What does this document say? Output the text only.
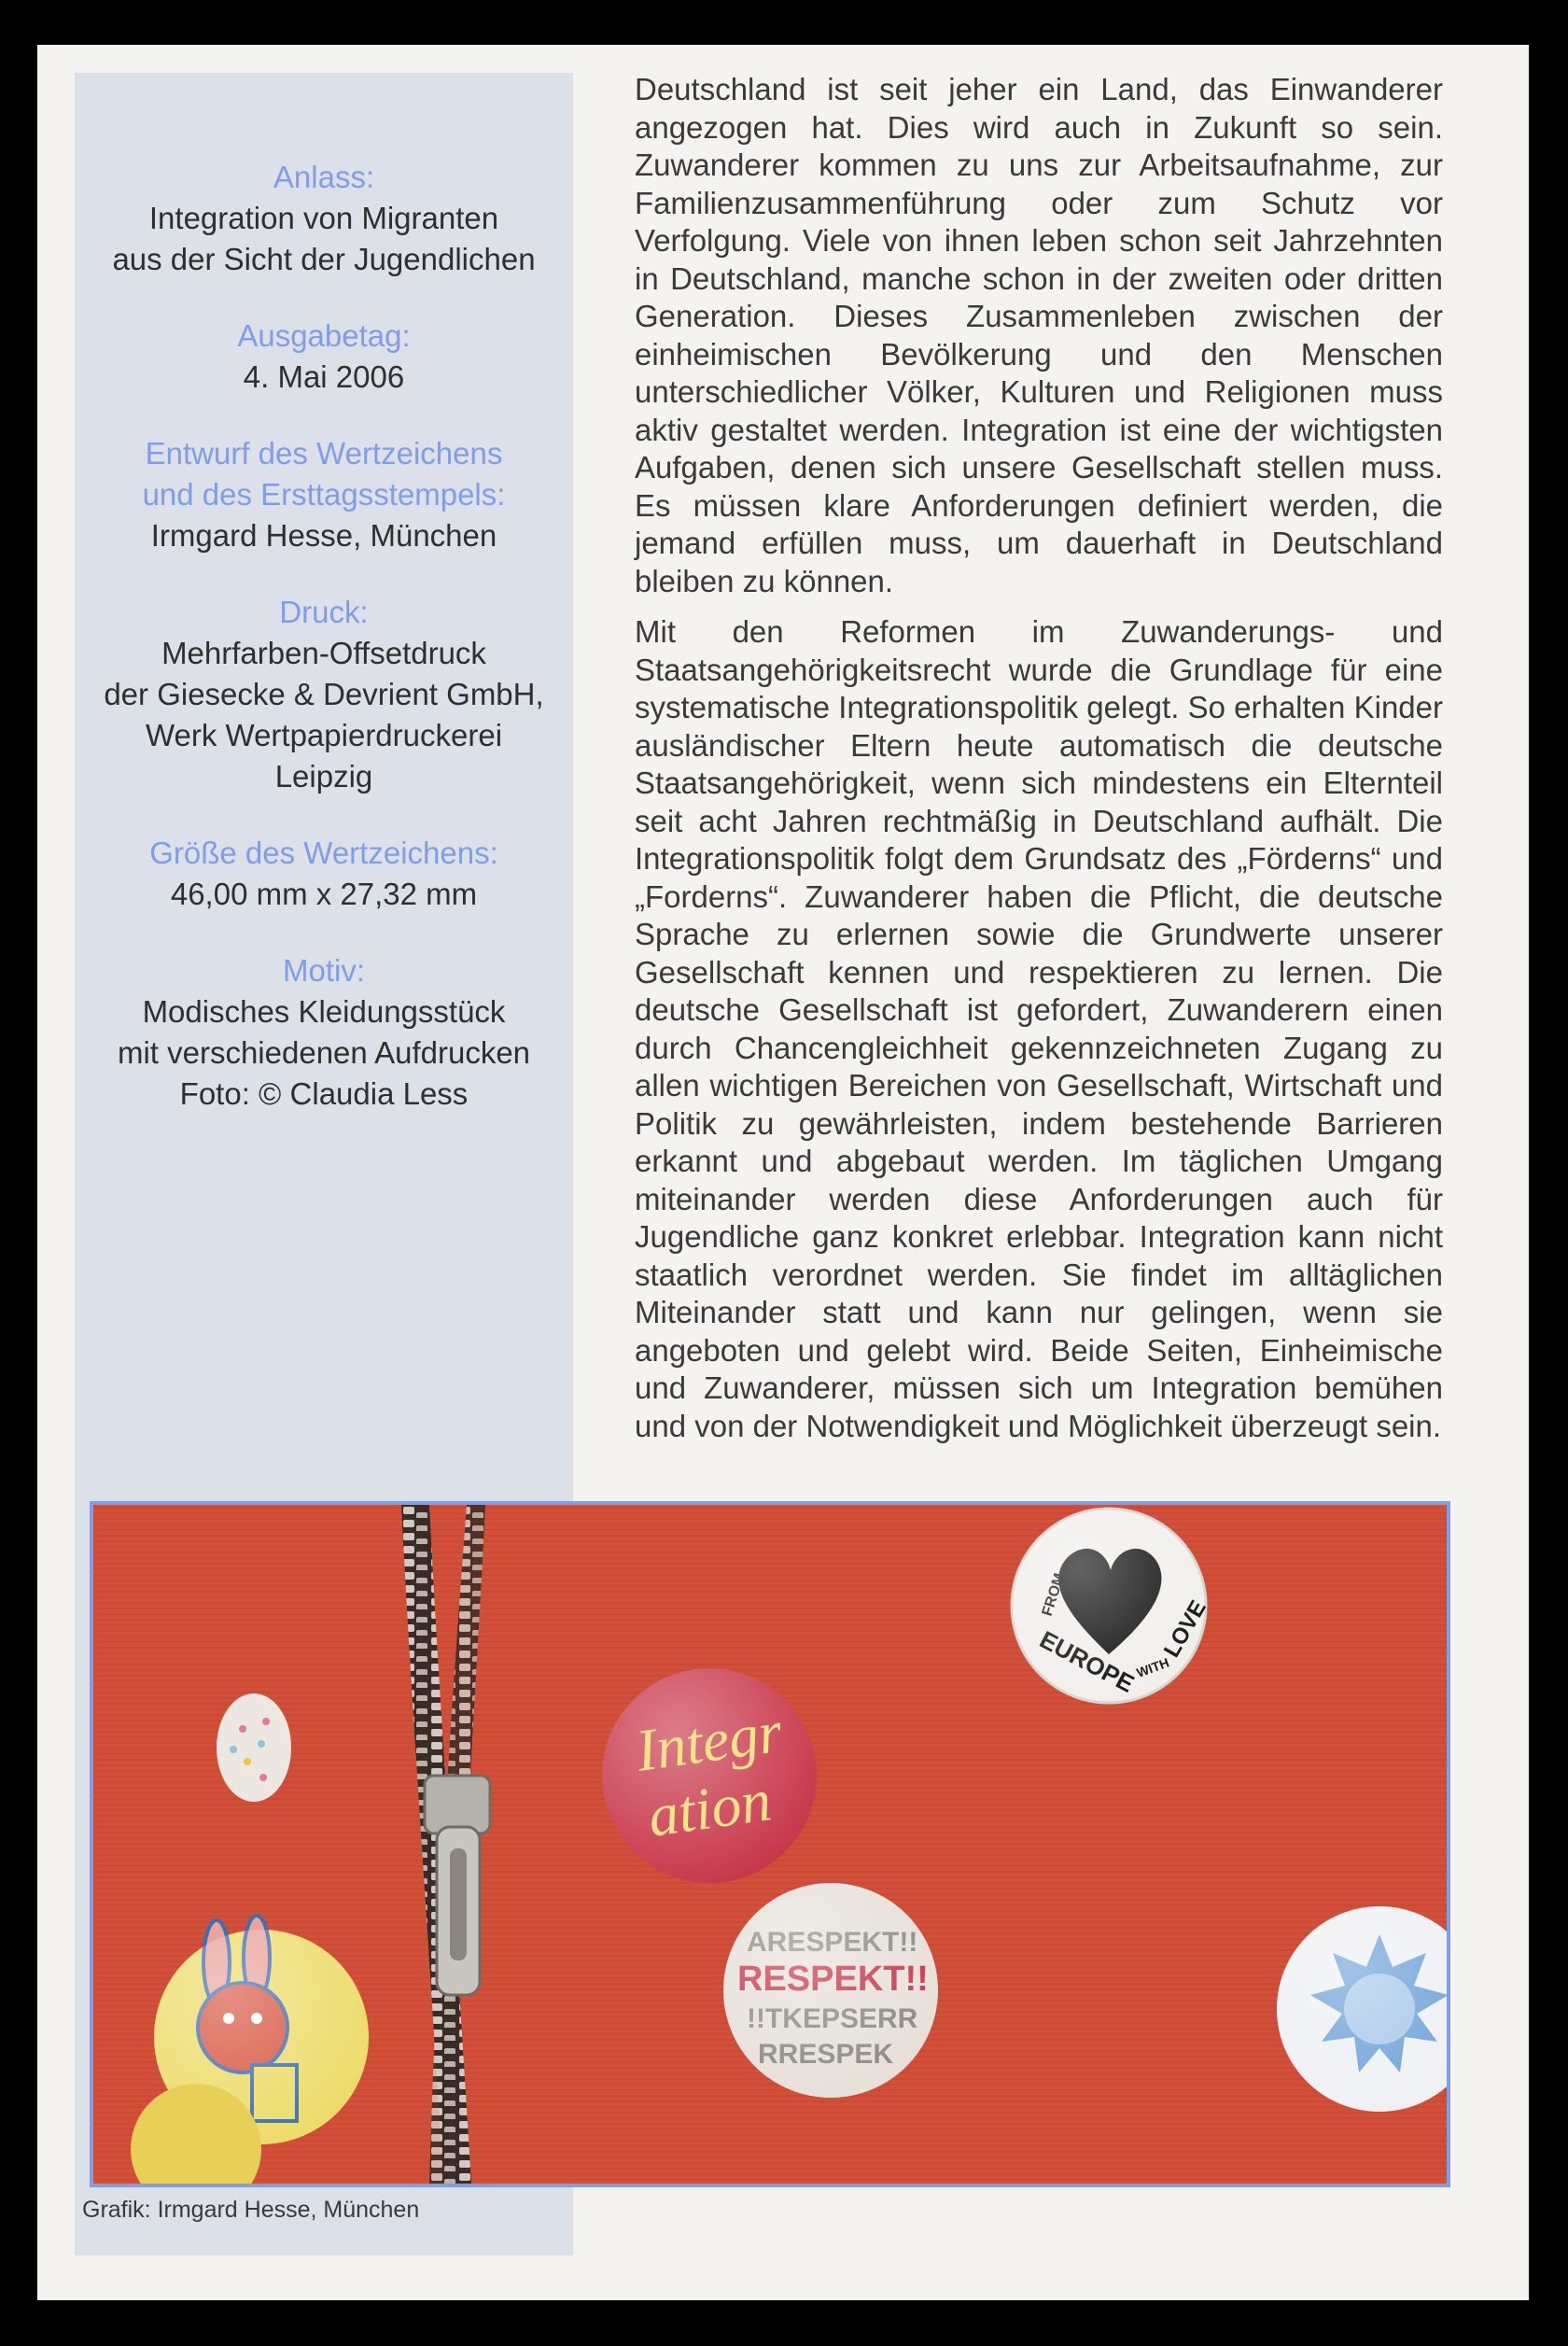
Anlass:
Integration von Migranten
aus der Sicht der Jugendlichen
Ausgabetag:
4. Mai 2006
Entwurf des Wertzeichens
und des Ersttagsstempels:
Irmgard Hesse, München
Druck:
Mehrfarben-Offsetdruck
der Giesecke & Devrient GmbH,
Werk Wertpapierdruckerei
Leipzig
Größe des Wertzeichens:
46,00 mm x 27,32 mm
Motiv:
Modisches Kleidungsstück
mit verschiedenen Aufdrucken
Foto: © Claudia Less

Deutschland ist seit jeher ein Land, das Einwanderer angezogen hat. Dies wird auch in Zukunft so sein. Zuwanderer kommen zu uns zur Arbeitsaufnahme, zur Familienzusammenführung oder zum Schutz vor Verfolgung. Viele von ihnen leben schon seit Jahrzehnten in Deutschland, manche schon in der zweiten oder dritten Generation. Dieses Zusammenleben zwischen der einheimischen Bevölkerung und den Menschen unterschiedlicher Völker, Kulturen und Religionen muss aktiv gestaltet werden. Integration ist eine der wichtigsten Aufgaben, denen sich unsere Gesellschaft stellen muss. Es müssen klare Anforderungen definiert werden, die jemand erfüllen muss, um dauerhaft in Deutschland bleiben zu können.

Mit den Reformen im Zuwanderungs- und Staatsangehörigkeitsrecht wurde die Grundlage für eine systematische Integrationspolitik gelegt. So erhalten Kinder ausländischer Eltern heute automatisch die deutsche Staatsangehörigkeit, wenn sich mindestens ein Elternteil seit acht Jahren rechtmäßig in Deutschland aufhält. Die Integrationspolitik folgt dem Grundsatz des „Förderns“ und „Forderns“. Zuwanderer haben die Pflicht, die deutsche Sprache zu erlernen sowie die Grundwerte unserer Gesellschaft kennen und respektieren zu lernen. Die deutsche Gesellschaft ist gefordert, Zuwanderern einen durch Chancengleichheit gekennzeichneten Zugang zu allen wichtigen Bereichen von Gesellschaft, Wirtschaft und Politik zu gewährleisten, indem bestehende Barrieren erkannt und abgebaut werden. Im täglichen Umgang miteinander werden diese Anforderungen auch für Jugendliche ganz konkret erlebbar. Integration kann nicht staatlich verordnet werden. Sie findet im alltäglichen Miteinander statt und kann nur gelingen, wenn sie angeboten und gelebt wird. Beide Seiten, Einheimische und Zuwanderer, müssen sich um Integration bemühen und von der Notwendigkeit und Möglichkeit überzeugt sein.

Integr
ation
Grafik: Irmgard Hesse, München
